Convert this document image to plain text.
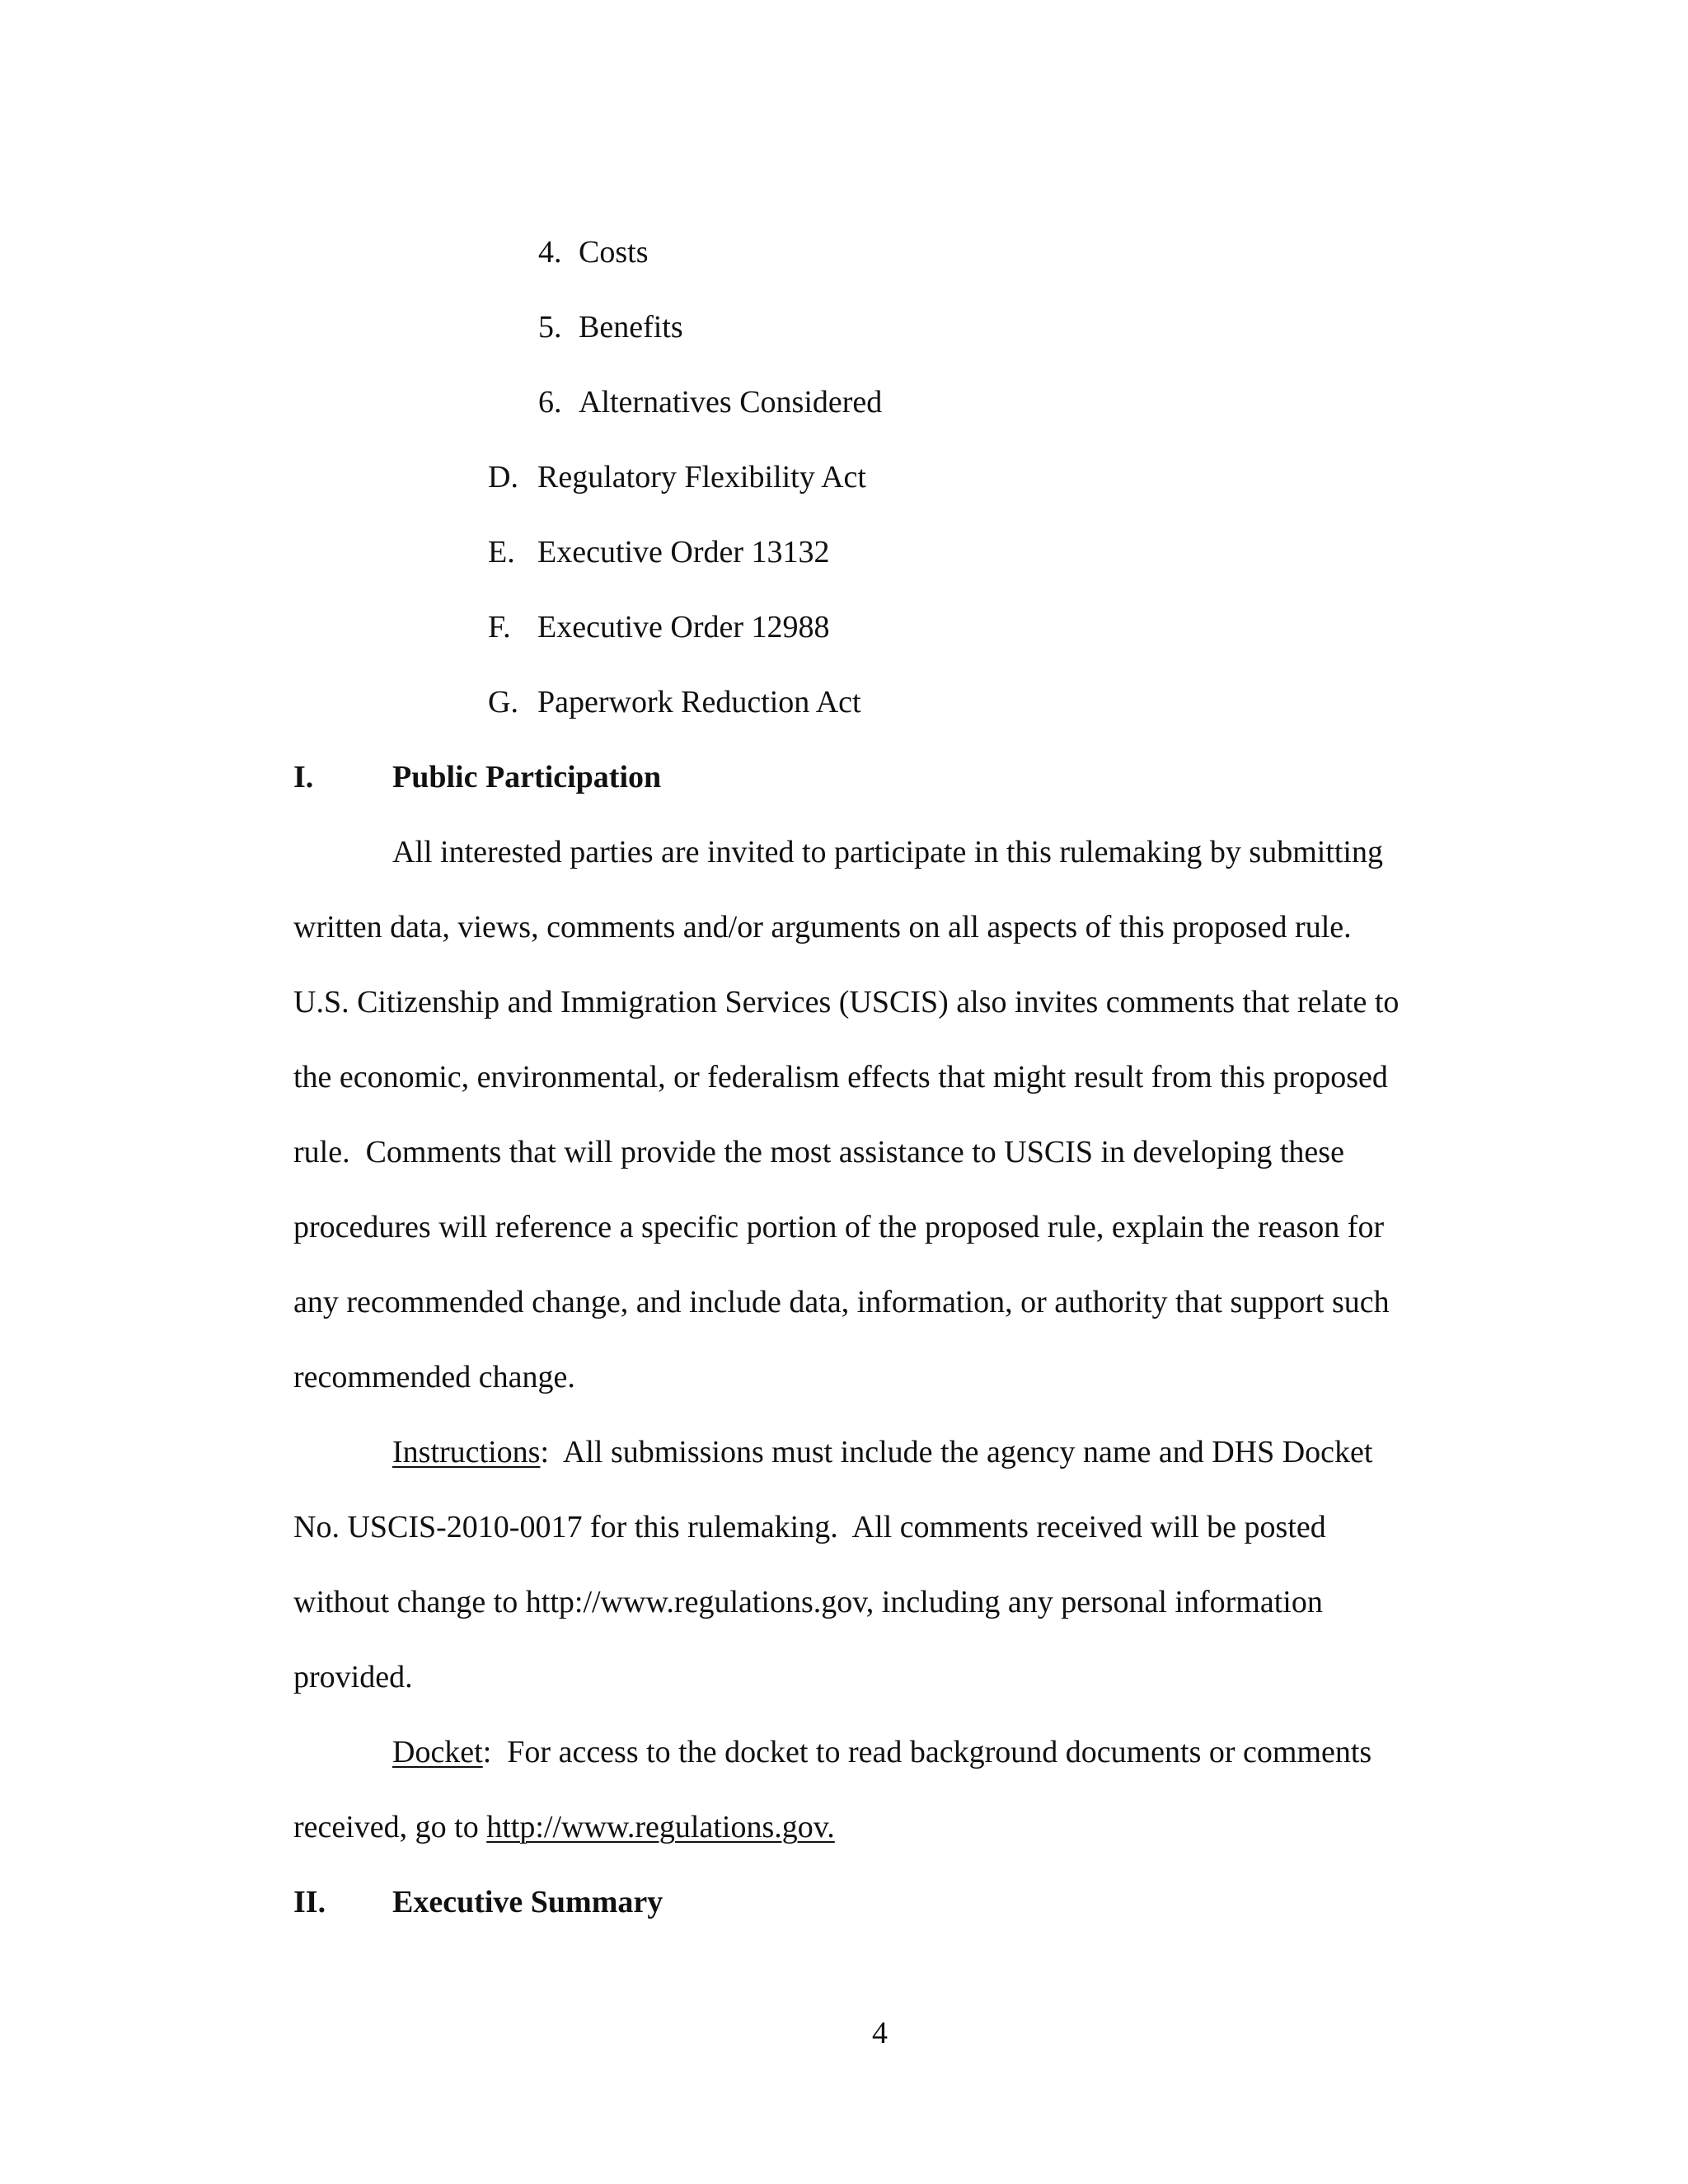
4. Costs
5. Benefits
6. Alternatives Considered
D. Regulatory Flexibility Act
E. Executive Order 13132
F. Executive Order 12988
G. Paperwork Reduction Act
I.	Public Participation
All interested parties are invited to participate in this rulemaking by submitting
written data, views, comments and/or arguments on all aspects of this proposed rule.
U.S. Citizenship and Immigration Services (USCIS) also invites comments that relate to
the economic, environmental, or federalism effects that might result from this proposed
rule.  Comments that will provide the most assistance to USCIS in developing these
procedures will reference a specific portion of the proposed rule, explain the reason for
any recommended change, and include data, information, or authority that support such
recommended change.
Instructions:  All submissions must include the agency name and DHS Docket
No. USCIS-2010-0017 for this rulemaking.  All comments received will be posted
without change to http://www.regulations.gov, including any personal information
provided.
Docket:  For access to the docket to read background documents or comments
received, go to http://www.regulations.gov.
II. Executive Summary
4
